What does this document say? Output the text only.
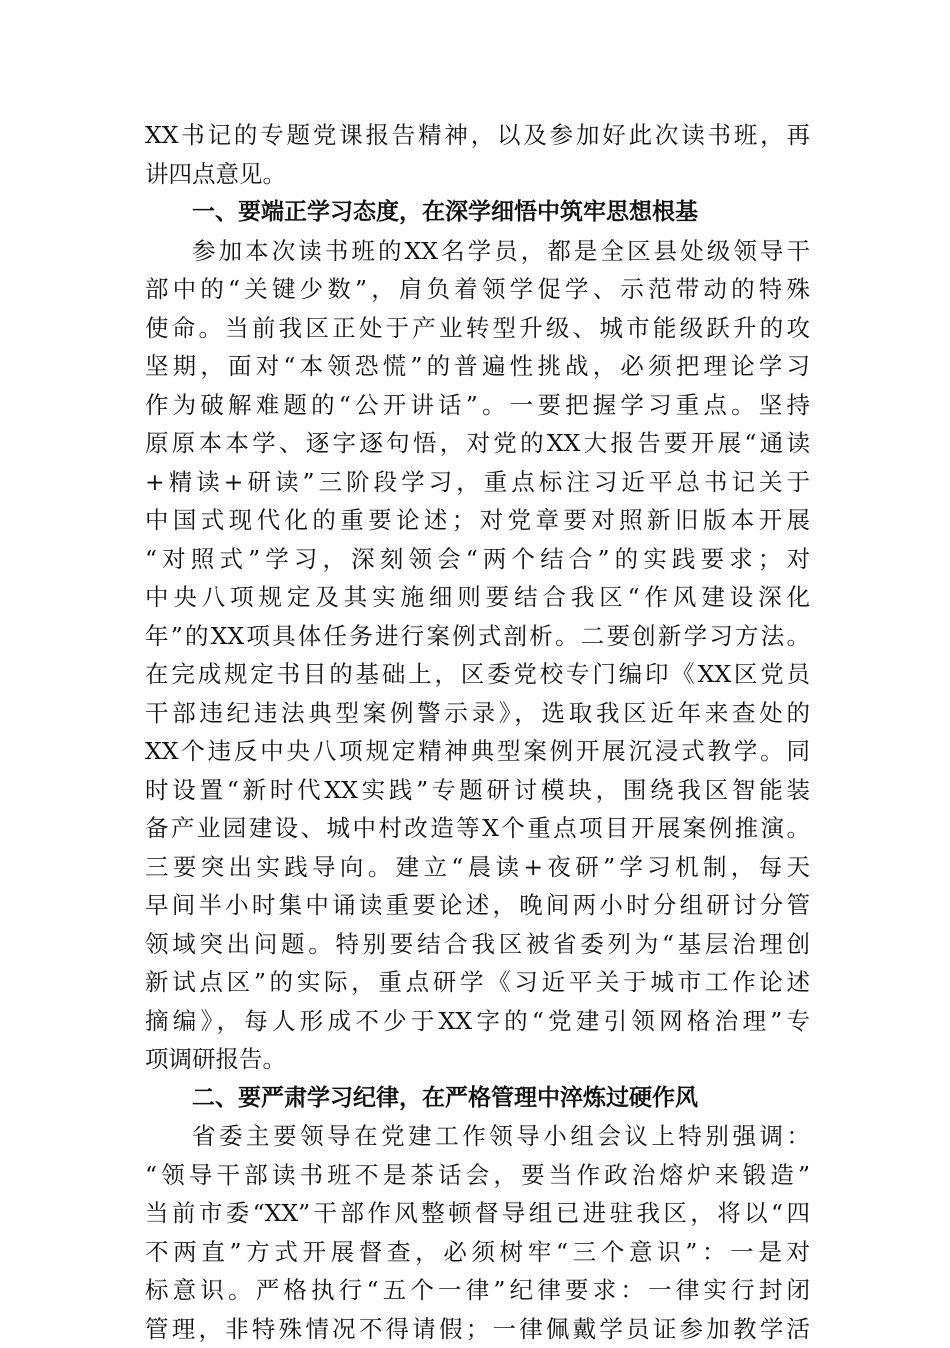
XX书记的专题党课报告精神，以及参加好此次读书班，再
讲四点意见。
一、要端正学习态度，在深学细悟中筑牢思想根基
参加本次读书班的XX名学员，都是全区县处级领导干
部中的“关键少数”，肩负着领学促学、示范带动的特殊
使命。当前我区正处于产业转型升级、城市能级跃升的攻
坚期，面对“本领恐慌”的普遍性挑战，必须把理论学习
作为破解难题的“公开讲话”。一要把握学习重点。坚持
原原本本学、逐字逐句悟，对党的XX大报告要开展“通读
+精读+研读”三阶段学习，重点标注习近平总书记关于
中国式现代化的重要论述；对党章要对照新旧版本开展
“对照式”学习，深刻领会“两个结合”的实践要求；对
中央八项规定及其实施细则要结合我区“作风建设深化
年”的XX项具体任务进行案例式剖析。二要创新学习方法。
在完成规定书目的基础上，区委党校专门编印《XX区党员
干部违纪违法典型案例警示录》，选取我区近年来查处的
XX个违反中央八项规定精神典型案例开展沉浸式教学。同
时设置“新时代XX实践”专题研讨模块，围绕我区智能装
备产业园建设、城中村改造等X个重点项目开展案例推演。
三要突出实践导向。建立“晨读+夜研”学习机制，每天
早间半小时集中诵读重要论述，晚间两小时分组研讨分管
领域突出问题。特别要结合我区被省委列为“基层治理创
新试点区”的实际，重点研学《习近平关于城市工作论述
摘编》，每人形成不少于XX字的“党建引领网格治理”专
项调研报告。
二、要严肃学习纪律，在严格管理中淬炼过硬作风
省委主要领导在党建工作领导小组会议上特别强调：
“领导干部读书班不是茶话会，要当作政治熔炉来锻造”
当前市委“XX”干部作风整顿督导组已进驻我区，将以“四
不两直”方式开展督查，必须树牢“三个意识”：一是对
标意识。严格执行“五个一律”纪律要求：一律实行封闭
管理，非特殊情况不得请假；一律佩戴学员证参加教学活
